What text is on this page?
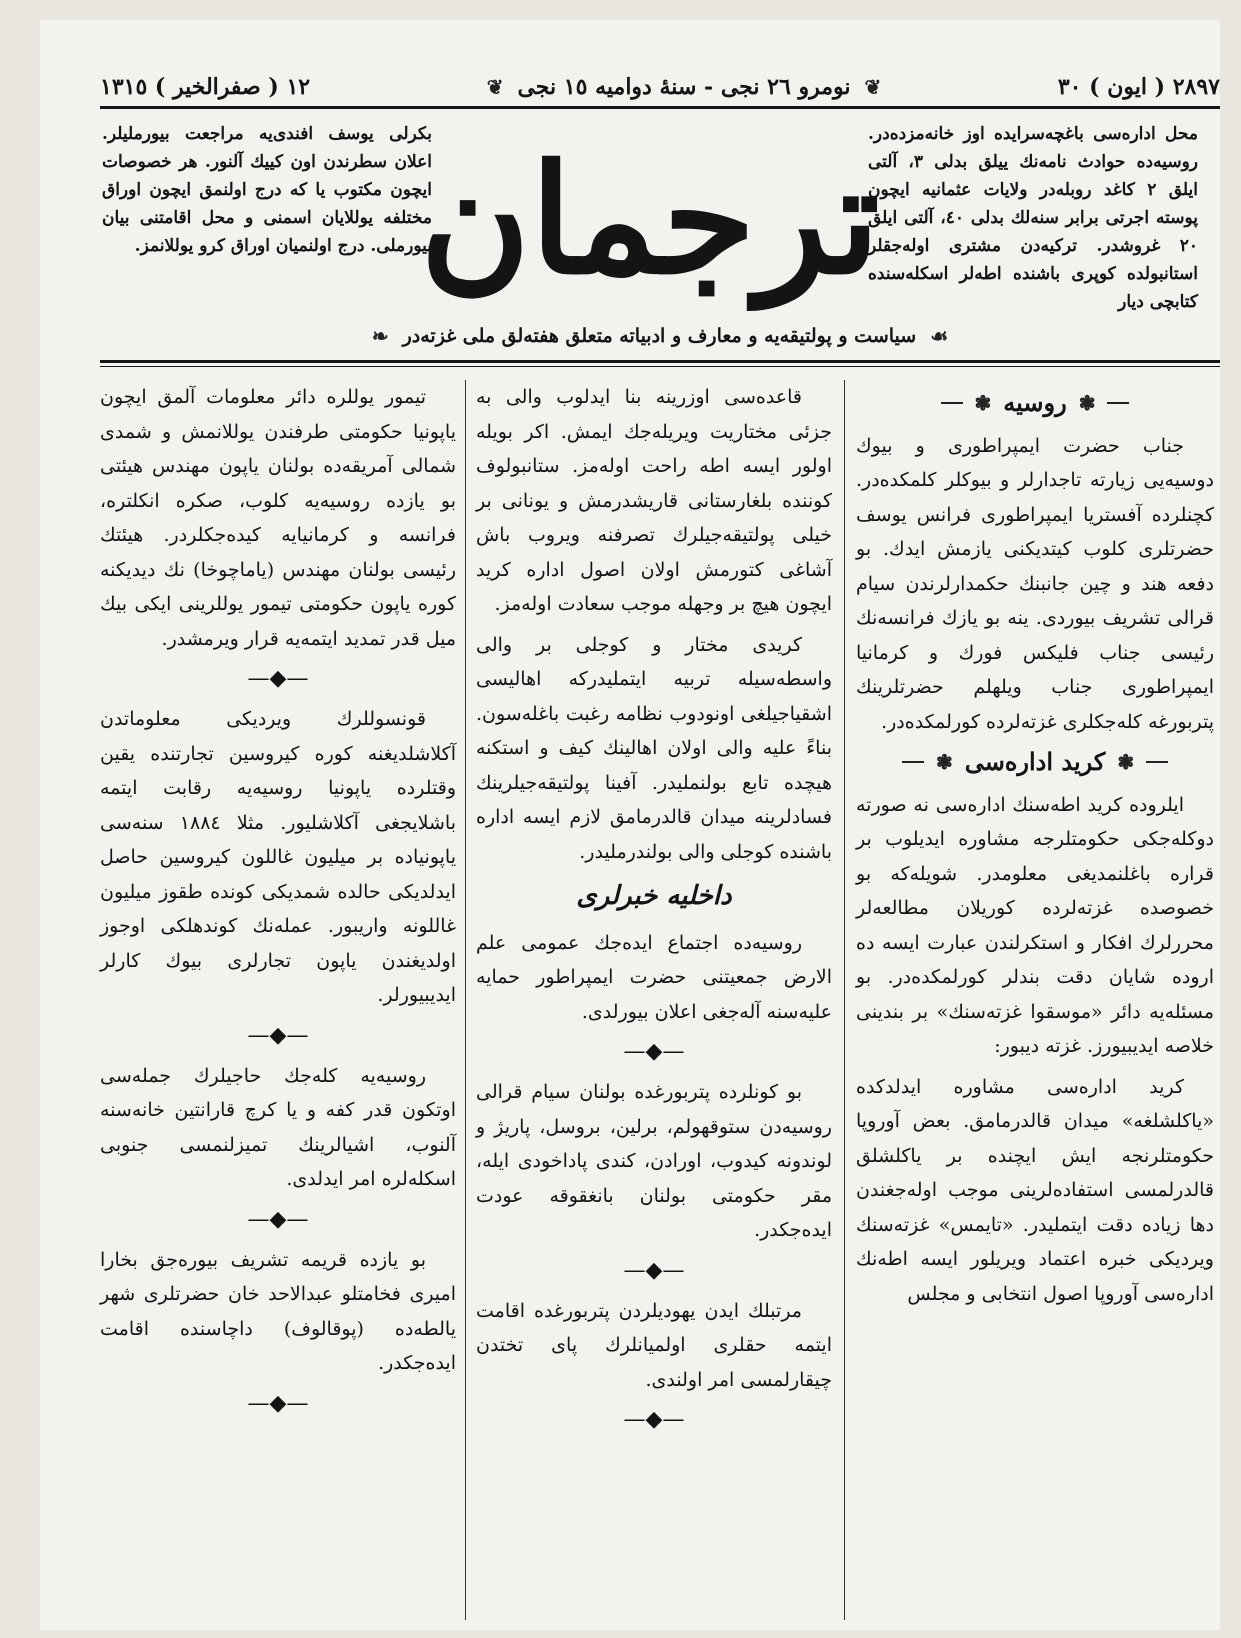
١٢ ( صفرالخیر ) ١٣١٥	❦ نومرو ٢٦ نجی - سنهٔ دوامیه ١٥ نجی ❦	٢٨٩٧ ( ایون ) ٣٠
بکرلی یوسف افندی‌یه مراجعت بیورملیلر. اعلان سطرندن اون کییك آلنور. هر خصوصات ایچون مکتوب یا که درج اولنمق ایچون اوراق مختلفه یوللایان اسمنی و محل اقامتنی بیان بیورملی. درج اولنمیان اوراق کرو یوللانمز.
ترجمان
محل اداره‌سی باغچه‌سرایده اوز خانه‌مزده‌در. روسیه‌ده حوادث نامه‌نك ییلق بدلی ٣، آلتی ایلق ٢ کاغد روبله‌در ولایات عثمانیه ایچون پوسته اجرتی برابر سنه‌لك بدلی ٤٠، آلتی ایلق ٢٠ غروشدر. ترکیه‌دن مشتری اوله‌جقلر استانبولده کوپری باشنده اطه‌لر اسکله‌سنده کتابچی دیار
❧ سیاست و پولتیقه‌یه و معارف و ادبیاته متعلق هفته‌لق ملی غزته‌در ☙
❃
روسیه
❃

جناب حضرت ایمپراطوری و بیوك دوسیه‌یی زیارته تاجدارلر و بیوکلر کلمکده‌در. کچنلرده آفستریا ایمپراطوری فرانس یوسف حضرتلری کلوب کیتدیکنی یازمش ایدك. بو دفعه هند و چین جانبنك حکمدارلرندن سیام قرالی تشریف بیوردی. ینه بو یازك فرانسه‌نك رئیسی جناب فلیکس فورك و کرمانیا ایمپراطوری جناب ویلهلم حضرتلرینك پتربورغه کله‌جکلری غزته‌لرده کورلمکده‌در.

❃
کرید اداره‌سی
❃

ایلروده کرید اطه‌سنك اداره‌سی نه صورته دوکله‌جکی حکومتلرجه مشاوره ایدیلوب بر قراره باغلنمدیغی معلومدر. شویله‌که بو خصوصده غزته‌لرده کوریلان مطالعه‌لر محررلرك افکار و استکرلندن عبارت ایسه ده اروده شایان دقت بندلر کورلمکده‌در. بو مسئله‌یه دائر «موسقوا غزته‌سنك» بر بندینی خلاصه ایدیبیورز. غزته دیبور:

کرید اداره‌سی مشاوره ایدلدکده «یاکلشلغه» میدان قالدرمامق. بعض آوروپا حکومتلرنجه ایش ایچنده بر یاکلشلق قالدرلمسی استفاده‌لرینی موجب اوله‌جغندن دها زیاده دقت ایتملیدر. «تایمس» غزته‌سنك ویردیکی خبره اعتماد ویریلور ایسه اطه‌نك اداره‌سی آوروپا اصول انتخابی و مجلس

قاعده‌سی اوزرینه بنا ایدلوب والی به جزئی مختاریت ویریله‌جك ایمش. اکر بویله اولور ایسه اطه راحت اوله‌مز. ستانبولوف کوننده بلغارستانی قاریشدرمش و یونانی بر خیلی پولتیقه‌جیلرك تصرفنه ویروب باش آشاغی کتورمش اولان اصول اداره کرید ایچون هیچ بر وجهله موجب سعادت اوله‌مز.

کریدی مختار و کوجلی بر والی واسطه‌سیله تربیه ایتملیدرکه اهالیسی اشقیاجیلغی اونودوب نظامه رغبت باغله‌سون. بناءً علیه والی اولان اهالینك کیف و استکنه هیچده تابع بولنملیدر. آفینا پولتیقه‌جیلرینك فسادلرینه میدان قالدرمامق لازم ایسه اداره باشنده کوجلی والی بولندرملیدر.

داخلیه خبرلری

روسیه‌ده اجتماع ایده‌جك عمومی علم الارض جمعیتنی حضرت ایمپراطور حمایه علیه‌سنه آله‌جغی اعلان بیورلدی.

—◆—

بو کونلرده پتربورغده بولنان سیام قرالی روسیه‌دن ستوقهولم، برلین، بروسل، پاریژ و لوندونه کیدوب، اورادن، کندی پاداخودی ایله، مقر حکومتی بولنان بانغقوقه عودت ایده‌جکدر.

—◆—

مرتبلك ایدن یهودیلردن پتربورغده اقامت ایتمه حقلری اولمیانلرك پای تختدن چیقارلمسی امر اولندی.

—◆—

تیمور یوللره دائر معلومات آلمق ایچون یاپونیا حکومتی طرفندن یوللانمش و شمدی شمالی آمریقه‌ده بولنان یاپون مهندس هیئتی بو یازده روسیه‌یه کلوب، صکره انکلتره، فرانسه و کرمانیایه کیده‌جکلردر. هیئتك رئیسی بولنان مهندس (یاماچوخا) نك دیدیکنه کوره یاپون حکومتی تیمور یوللرینی ایکی بیك میل قدر تمدید ایتمه‌یه قرار ویرمشدر.

—◆—

قونسوللرك ویردیکی معلوماتدن آکلاشلدیغنه کوره کیروسین تجارتنده یقین وقتلرده یاپونیا روسیه‌یه رقابت ایتمه باشلایجغی آکلاشلیور. مثلا ١٨٨٤ سنه‌سی یاپونیاده بر میلیون غاللون کیروسین حاصل ایدلدیکی حالده شمدیکی کونده طقوز میلیون غاللونه واریبور. عمله‌نك کوندهلکی اوجوز اولدیغندن یاپون تجارلری بیوك کارلر ایدیبیورلر.

—◆—

روسیه‌یه کله‌جك حاجیلرك جمله‌سی اوتکون قدر کفه و یا کرچ قارانتین خانه‌سنه آلنوب، اشیالرینك تمیزلنمسی جنوبی اسکله‌لره امر ایدلدی.

—◆—

بو یازده قریمه تشریف بیوره‌جق بخارا امیری فخامتلو عبدالاحد خان حضرتلری شهر یالطه‌ده (پوقالوف) داچاسنده اقامت ایده‌جکدر.

—◆—
